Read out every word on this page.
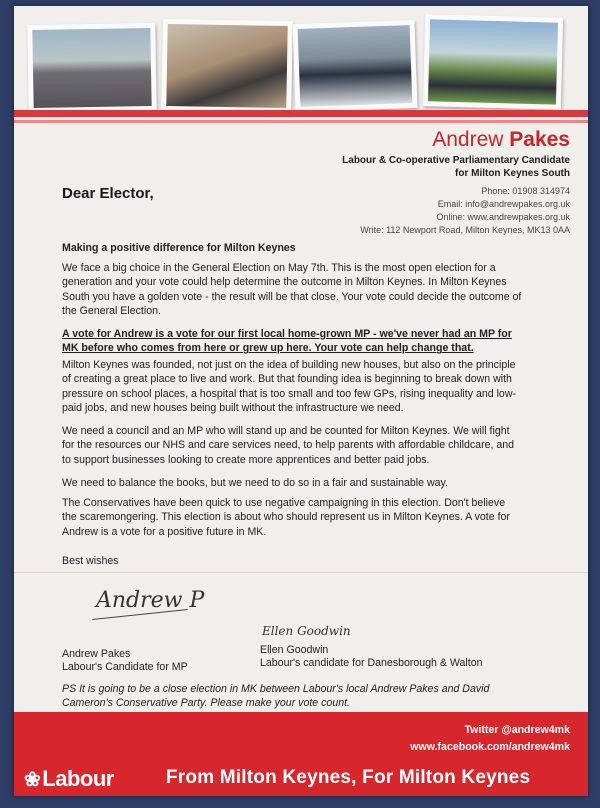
Andrew Pakes
Labour & Co-operative Parliamentary Candidate
for Milton Keynes South
Phone: 01908 314974
Email: info@andrewpakes.org.uk
Online: www.andrewpakes.org.uk
Write: 112 Newport Road, Milton Keynes, MK13 0AA
Dear Elector,
Making a positive difference for Milton Keynes
We face a big choice in the General Election on May 7th. This is the most open election for a generation and your vote could help determine the outcome in Milton Keynes. In Milton Keynes South you have a golden vote - the result will be that close. Your vote could decide the outcome of the General Election.
A vote for Andrew is a vote for our first local home-grown MP - we've never had an MP for MK before who comes from here or grew up here. Your vote can help change that.
Milton Keynes was founded, not just on the idea of building new houses, but also on the principle of creating a great place to live and work. But that founding idea is beginning to break down with pressure on school places, a hospital that is too small and too few GPs, rising inequality and low-paid jobs, and new houses being built without the infrastructure we need.
We need a council and an MP who will stand up and be counted for Milton Keynes. We will fight for the resources our NHS and care services need, to help parents with affordable childcare, and to support businesses looking to create more apprentices and better paid jobs.
We need to balance the books, but we need to do so in a fair and sustainable way.
The Conservatives have been quick to use negative campaigning in this election. Don't believe the scaremongering. This election is about who should represent us in Milton Keynes. A vote for Andrew is a vote for a positive future in MK.
Best wishes
Andrew P
Ellen Goodwin
Andrew Pakes
Labour's Candidate for MP
Ellen Goodwin
Labour's candidate for Danesborough & Walton
PS It is going to be a close election in MK between Labour's local Andrew Pakes and David Cameron's Conservative Party. Please make your vote count.
Twitter @andrew4mk
www.facebook.com/andrew4mk
❀Labour	From Milton Keynes, For Milton Keynes
